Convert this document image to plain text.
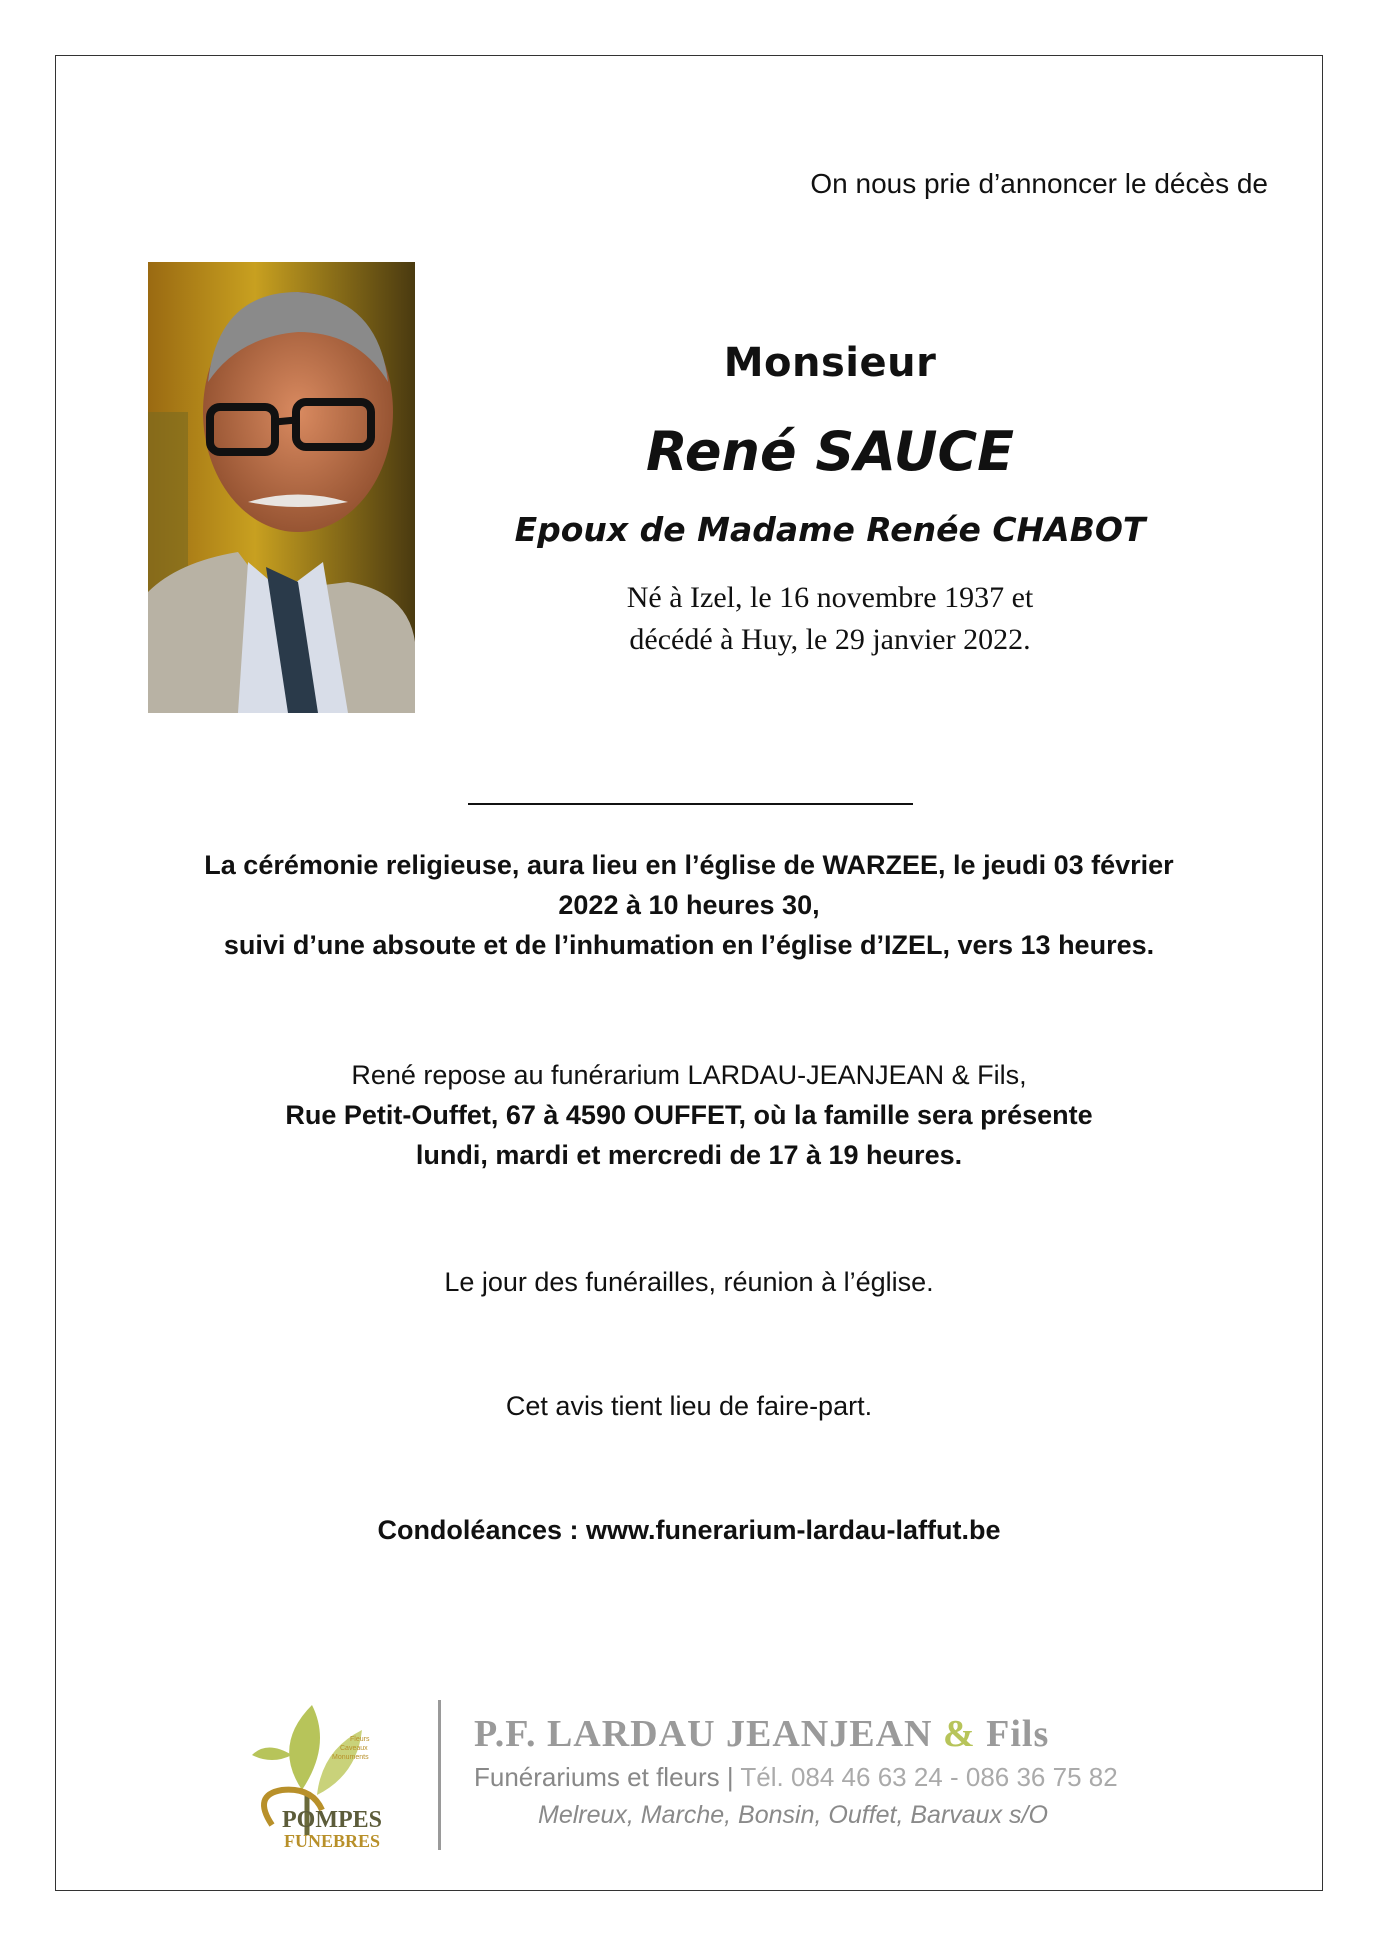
On nous prie d’annoncer le décès de
Monsieur
René SAUCE
Epoux de Madame Renée CHABOT
Né à Izel, le 16 novembre 1937 et
décédé à Huy, le 29 janvier 2022.
La cérémonie religieuse, aura lieu en l’église de WARZEE, le jeudi 03 février
2022 à 10 heures 30,
suivi d’une absoute et de l’inhumation en l’église d’IZEL, vers 13 heures.
René repose au funérarium LARDAU-JEANJEAN & Fils,
Rue Petit-Ouffet, 67 à 4590 OUFFET, où la famille sera présente
lundi, mardi et mercredi de 17 à 19 heures.
Le jour des funérailles, réunion à l’église.
Cet avis tient lieu de faire-part.
Condoléances : www.funerarium-lardau-laffut.be
Fleurs
Caveaux
Monuments
POMPES
FUNEBRES
P.F. LARDAU JEANJEAN & Fils
Funérariums et fleurs | Tél. 084 46 63 24 - 086 36 75 82
Melreux, Marche, Bonsin, Ouffet, Barvaux s/O
